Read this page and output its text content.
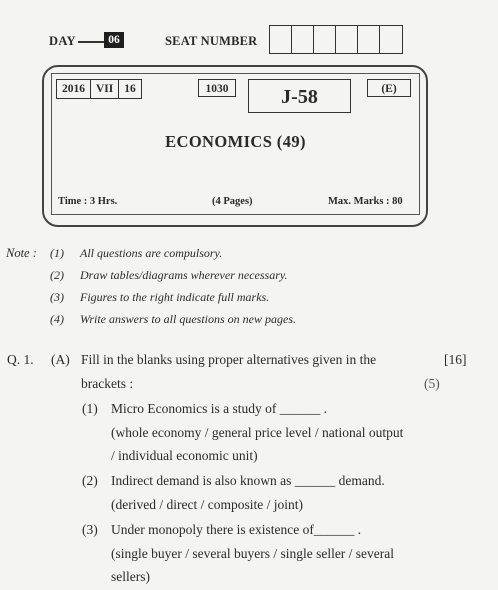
DAY	06	SEAT NUMBER
2016 VII 16	1030	J-58	(E)
ECONOMICS (49)
Time : 3 Hrs.	(4 Pages)	Max. Marks : 80
Note : (1) All questions are compulsory.
(2) Draw tables/diagrams wherever necessary.
(3) Figures to the right indicate full marks.
(4) Write answers to all questions on new pages.
Q. 1. (A) Fill in the blanks using proper alternatives given in the	[16]
brackets :	(5)
(1) Micro Economics is a study of ______ .
(whole economy / general price level / national output
/ individual economic unit)
(2) Indirect demand is also known as ______ demand.
(derived / direct / composite / joint)
(3) Under monopoly there is existence of______ .
(single buyer / several buyers / single seller / several
sellers)
